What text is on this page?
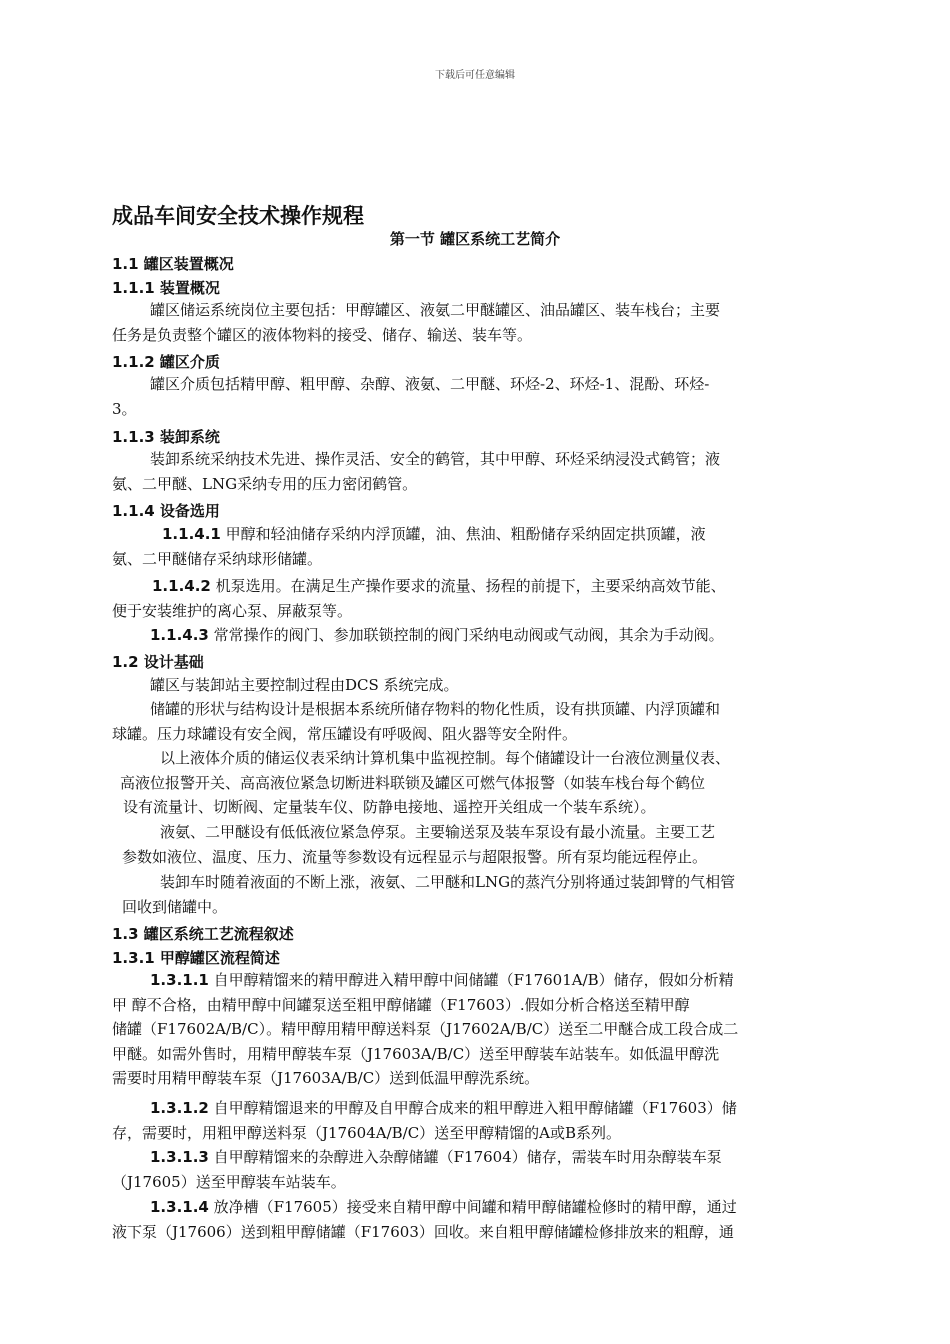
下载后可任意编辑
成品车间安全技术操作规程
第一节 罐区系统工艺简介
1.1 罐区装置概况
1.1.1 装置概况
罐区储运系统岗位主要包括：甲醇罐区、液氨二甲醚罐区、油品罐区、装车栈台；主要
任务是负责整个罐区的液体物料的接受、储存、输送、装车等。
1.1.2 罐区介质
罐区介质包括精甲醇、粗甲醇、杂醇、液氨、二甲醚、环烃-2、环烃-1、混酚、环烃-
3。
1.1.3 装卸系统
装卸系统采纳技术先进、操作灵活、安全的鹤管，其中甲醇、环烃采纳浸没式鹤管；液
氨、二甲醚、LNG采纳专用的压力密闭鹤管。
1.1.4 设备选用
1.1.4.1 甲醇和轻油储存采纳内浮顶罐，油、焦油、粗酚储存采纳固定拱顶罐，液
氨、二甲醚储存采纳球形储罐。
1.1.4.2 机泵选用。在满足生产操作要求的流量、扬程的前提下，主要采纳高效节能、
便于安装维护的离心泵、屏蔽泵等。
1.1.4.3 常常操作的阀门、参加联锁控制的阀门采纳电动阀或气动阀，其余为手动阀。
1.2 设计基础
罐区与装卸站主要控制过程由DCS 系统完成。
储罐的形状与结构设计是根据本系统所储存物料的物化性质，设有拱顶罐、内浮顶罐和
球罐。压力球罐设有安全阀，常压罐设有呼吸阀、阻火器等安全附件。
以上液体介质的储运仪表采纳计算机集中监视控制。每个储罐设计一台液位测量仪表、
高液位报警开关、高高液位紧急切断进料联锁及罐区可燃气体报警（如装车栈台每个鹤位
设有流量计、切断阀、定量装车仪、防静电接地、遥控开关组成一个装车系统）。
液氨、二甲醚设有低低液位紧急停泵。主要输送泵及装车泵设有最小流量。主要工艺
参数如液位、温度、压力、流量等参数设有远程显示与超限报警。所有泵均能远程停止。
装卸车时随着液面的不断上涨，液氨、二甲醚和LNG的蒸汽分别将通过装卸臂的气相管
回收到储罐中。
1.3 罐区系统工艺流程叙述
1.3.1 甲醇罐区流程简述
1.3.1.1 自甲醇精馏来的精甲醇进入精甲醇中间储罐（F17601A/B）储存，假如分析精
甲 醇不合格，由精甲醇中间罐泵送至粗甲醇储罐（F17603）.假如分析合格送至精甲醇
储罐（F17602A/B/C）。精甲醇用精甲醇送料泵（J17602A/B/C）送至二甲醚合成工段合成二
甲醚。如需外售时，用精甲醇装车泵（J17603A/B/C）送至甲醇装车站装车。如低温甲醇洗
需要时用精甲醇装车泵（J17603A/B/C）送到低温甲醇洗系统。
1.3.1.2 自甲醇精馏退来的甲醇及自甲醇合成来的粗甲醇进入粗甲醇储罐（F17603）储
存，需要时，用粗甲醇送料泵（J17604A/B/C）送至甲醇精馏的A或B系列。
1.3.1.3 自甲醇精馏来的杂醇进入杂醇储罐（F17604）储存，需装车时用杂醇装车泵
（J17605）送至甲醇装车站装车。
1.3.1.4 放净槽（F17605）接受来自精甲醇中间罐和精甲醇储罐检修时的精甲醇，通过
液下泵（J17606）送到粗甲醇储罐（F17603）回收。来自粗甲醇储罐检修排放来的粗醇，通
